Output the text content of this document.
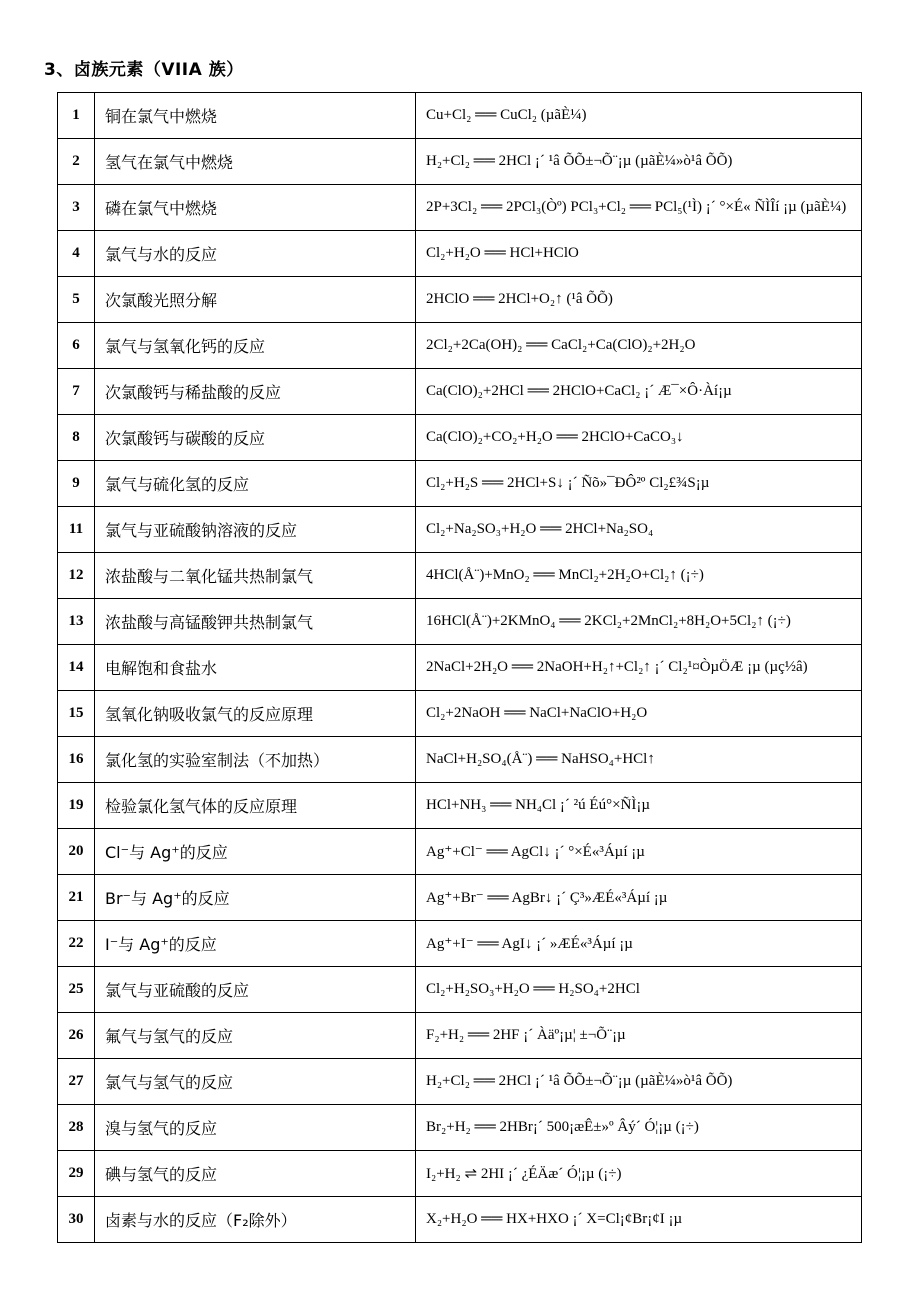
3、卤族元素（VIIA 族）
1	铜在氯气中燃烧	Cu+Cl₂ ══ CuCl₂ (µãÈ¼)
2	氢气在氯气中燃烧	H₂+Cl₂ ══ 2HCl ¡´ ¹â ÕÕ±¬Õ¨¡µ (µãÈ¼»ò¹â ÕÕ)
3	磷在氯气中燃烧	2P+3Cl₂ ══ 2PCl₃(Òº) PCl₃+Cl₂ ══ PCl₅(¹Ì) ¡´ °×É« ÑÌÎí ¡µ (µãÈ¼)
4	氯气与水的反应	Cl₂+H₂O ══ HCl+HClO
5	次氯酸光照分解	2HClO ══ 2HCl+O₂↑ (¹â ÕÕ)
6	氯气与氢氧化钙的反应	2Cl₂+2Ca(OH)₂ ══ CaCl₂+Ca(ClO)₂+2H₂O
7	次氯酸钙与稀盐酸的反应	Ca(ClO)₂+2HCl ══ 2HClO+CaCl₂ ¡´ Æ¯×Ô·Àí¡µ
8	次氯酸钙与碳酸的反应	Ca(ClO)₂+CO₂+H₂O ══ 2HClO+CaCO₃↓
9	氯气与硫化氢的反应	Cl₂+H₂S ══ 2HCl+S↓ ¡´ Ñõ»¯ÐÔ²º Cl₂£¾S¡µ
11	氯气与亚硫酸钠溶液的反应	Cl₂+Na₂SO₃+H₂O ══ 2HCl+Na₂SO₄
12	浓盐酸与二氧化锰共热制氯气	4HCl(Å¨)+MnO₂ ══ MnCl₂+2H₂O+Cl₂↑ (¡÷)
13	浓盐酸与高锰酸钾共热制氯气	16HCl(Å¨)+2KMnO₄ ══ 2KCl₂+2MnCl₂+8H₂O+5Cl₂↑ (¡÷)
14	电解饱和食盐水	2NaCl+2H₂O ══ 2NaOH+H₂↑+Cl₂↑ ¡´ Cl₂¹¤ÒµÖÆ ¡µ (µç½â)
15	氢氧化钠吸收氯气的反应原理	Cl₂+2NaOH ══ NaCl+NaClO+H₂O
16	氯化氢的实验室制法（不加热）	NaCl+H₂SO₄(Å¨) ══ NaHSO₄+HCl↑
19	检验氯化氢气体的反应原理	HCl+NH₃ ══ NH₄Cl ¡´ ²ú Éú°×ÑÌ¡µ
20	Cl⁻与 Ag⁺的反应	Ag⁺+Cl⁻ ══ AgCl↓ ¡´ °×É«³Áµí ¡µ
21	Br⁻与 Ag⁺的反应	Ag⁺+Br⁻ ══ AgBr↓ ¡´ Ç³»ÆÉ«³Áµí ¡µ
22	I⁻与 Ag⁺的反应	Ag⁺+I⁻ ══ AgI↓ ¡´ »ÆÉ«³Áµí ¡µ
25	氯气与亚硫酸的反应	Cl₂+H₂SO₃+H₂O ══ H₂SO₄+2HCl
26	氟气与氢气的反应	F₂+H₂ ══ 2HF ¡´ Àäº¡µ¦ ±¬Õ¨¡µ
27	氯气与氢气的反应	H₂+Cl₂ ══ 2HCl ¡´ ¹â ÕÕ±¬Õ¨¡µ (µãÈ¼»ò¹â ÕÕ)
28	溴与氢气的反应	Br₂+H₂ ══ 2HBr¡´ 500¡æÊ±»º Âý´ Ó¦¡µ (¡÷)
29	碘与氢气的反应	I₂+H₂ ⇌ 2HI ¡´ ¿ÉÄæ´ Ó¦¡µ (¡÷)
30	卤素与水的反应（F₂除外）	X₂+H₂O ══ HX+HXO ¡´ X=Cl¡¢Br¡¢I ¡µ
